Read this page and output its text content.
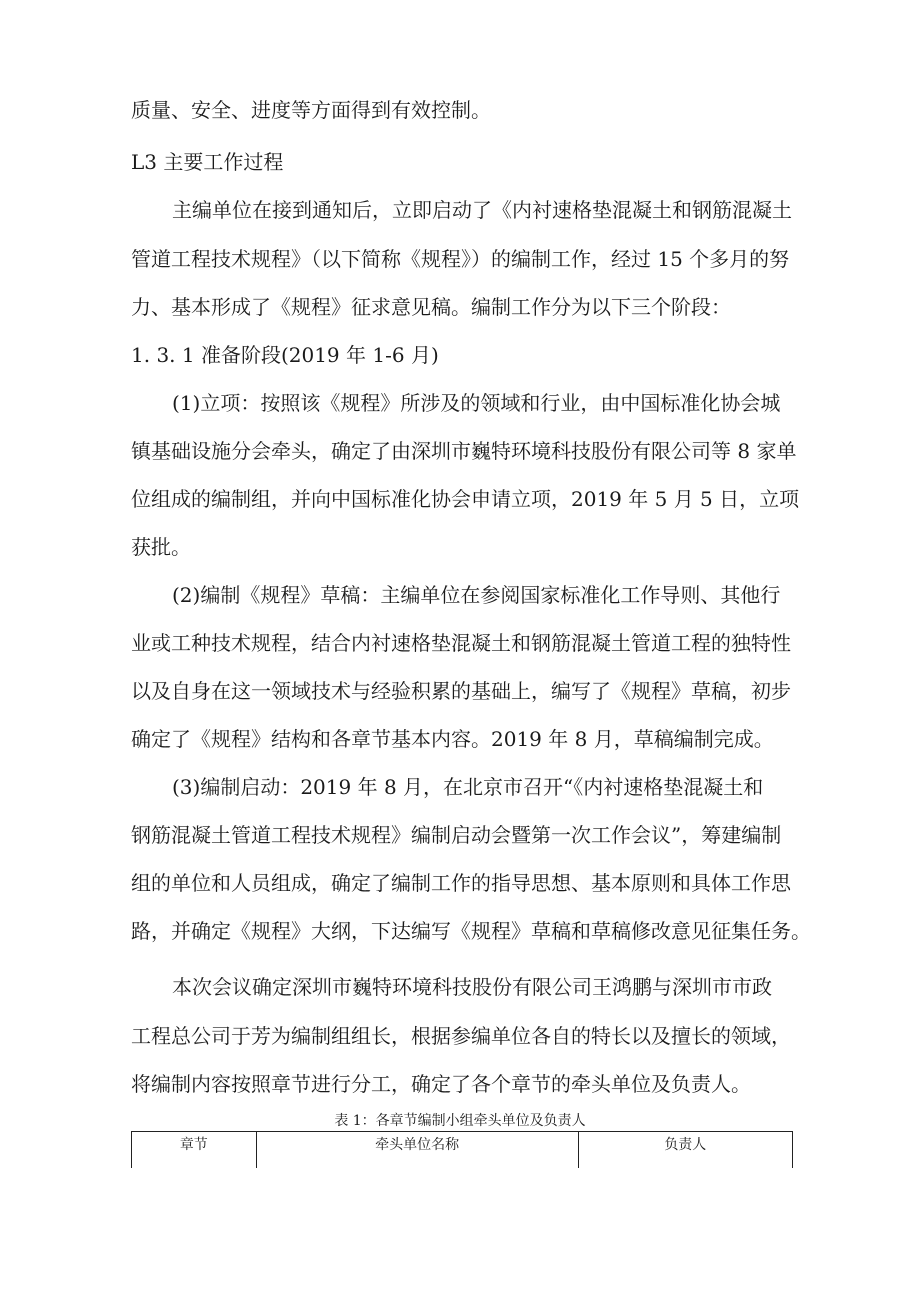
质量、安全、进度等方面得到有效控制。
L3 主要工作过程
主编单位在接到通知后，立即启动了《内衬速格垫混凝土和钢筋混凝土
管道工程技术规程》（以下简称《规程》）的编制工作，经过 15 个多月的努
力、基本形成了《规程》征求意见稿。编制工作分为以下三个阶段：
1. 3. 1 准备阶段(2019 年 1-6 月)
(1)立项：按照该《规程》所涉及的领域和行业，由中国标准化协会城
镇基础设施分会牵头，确定了由深圳市巍特环境科技股份有限公司等 8 家单
位组成的编制组，并向中国标准化协会申请立项，2019 年 5 月 5 日，立项
获批。
(2)编制《规程》草稿：主编单位在参阅国家标准化工作导则、其他行
业或工种技术规程，结合内衬速格垫混凝土和钢筋混凝土管道工程的独特性
以及自身在这一领域技术与经验积累的基础上，编写了《规程》草稿，初步
确定了《规程》结构和各章节基本内容。2019 年 8 月，草稿编制完成。
(3)编制启动：2019 年 8 月，在北京市召开“《内衬速格垫混凝土和
钢筋混凝土管道工程技术规程》编制启动会暨第一次工作会议”，筹建编制
组的单位和人员组成，确定了编制工作的指导思想、基本原则和具体工作思
路，并确定《规程》大纲，下达编写《规程》草稿和草稿修改意见征集任务。
本次会议确定深圳市巍特环境科技股份有限公司王鸿鹏与深圳市市政
工程总公司于芳为编制组组长，根据参编单位各自的特长以及擅长的领域，
将编制内容按照章节进行分工，确定了各个章节的牵头单位及负责人。
表 1：各章节编制小组牵头单位及负责人
章节	牵头单位名称	负责人
